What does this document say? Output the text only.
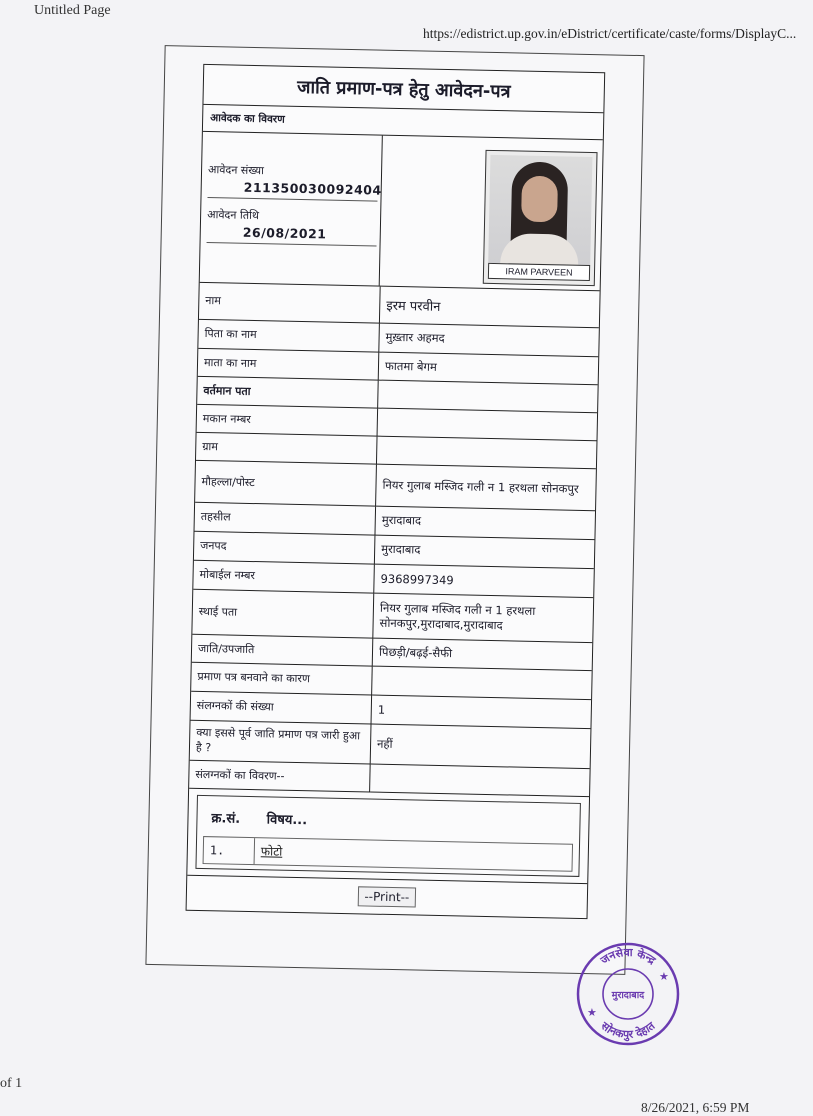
Untitled Page
https://edistrict.up.gov.in/eDistrict/certificate/caste/forms/DisplayC...
जाति प्रमाण-पत्र हेतु आवेदन-पत्र
आवेदक का विवरण
आवेदन संख्या
211350030092404
आवेदन तिथि
26/08/2021
IRAM PARVEEN
नाम	इरम परवीन
पिता का नाम	मुख़्तार अहमद
माता का नाम	फातमा बेगम
वर्तमान पता	
मकान नम्बर	
ग्राम	
मौहल्ला/पोस्ट	नियर गुलाब मस्जिद गली न 1 हरथला सोनकपुर
तहसील	मुरादाबाद
जनपद	मुरादाबाद
मोबाईल नम्बर	9368997349
स्थाई पता	नियर गुलाब मस्जिद गली न 1 हरथला सोनकपुर,मुरादाबाद,मुरादाबाद
जाति/उपजाति	पिछड़ी/बढ़ई-सैफी
प्रमाण पत्र बनवाने का कारण	
संलग्नकों की संख्या	1
क्या इससे पूर्व जाति प्रमाण पत्र जारी हुआ है ?	नहीं
संलग्नकों का विवरण--	
क्र.सं. विषय...
1.	फोटो
--Print--
जनसेवा केन्द्र
मुरादाबाद
सोनकपुर देहात
★
★
of 1
8/26/2021, 6:59 PM
